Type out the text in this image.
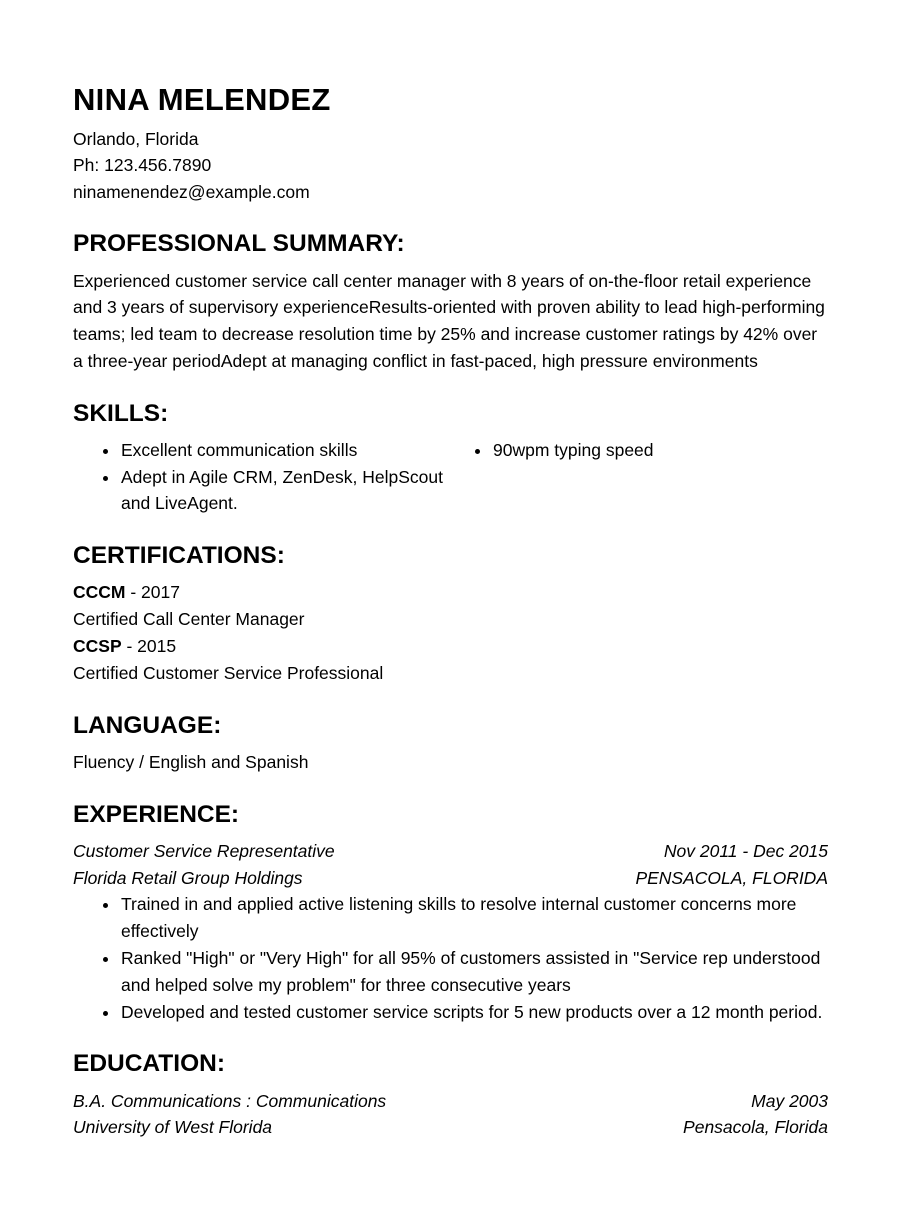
NINA MELENDEZ

Orlando, Florida

Ph: 123.456.7890

ninamenendez@example.com

PROFESSIONAL SUMMARY:

Experienced customer service call center manager with 8 years of on-the-floor retail experience and 3 years of supervisory experienceResults-oriented with proven ability to lead high-performing teams; led team to decrease resolution time by 25% and increase customer ratings by 42% over a three-year periodAdept at managing conflict in fast-paced, high pressure environments

SKILLS:
• Excellent communication skills
• Adept in Agile CRM, ZenDesk, HelpScout and LiveAgent.
• 90wpm typing speed
CERTIFICATIONS:

CCCM - 2017

Certified Call Center Manager

CCSP - 2015

Certified Customer Service Professional

LANGUAGE:

Fluency / English and Spanish

EXPERIENCE:
Customer Service Representative	Nov 2011 - Dec 2015
Florida Retail Group Holdings	PENSACOLA, FLORIDA
• Trained in and applied active listening skills to resolve internal customer concerns more effectively
• Ranked "High" or "Very High" for all 95% of customers assisted in "Service rep understood and helped solve my problem" for three consecutive years
• Developed and tested customer service scripts for 5 new products over a 12 month period.
EDUCATION:
B.A. Communications : Communications	May 2003
University of West Florida	Pensacola, Florida
